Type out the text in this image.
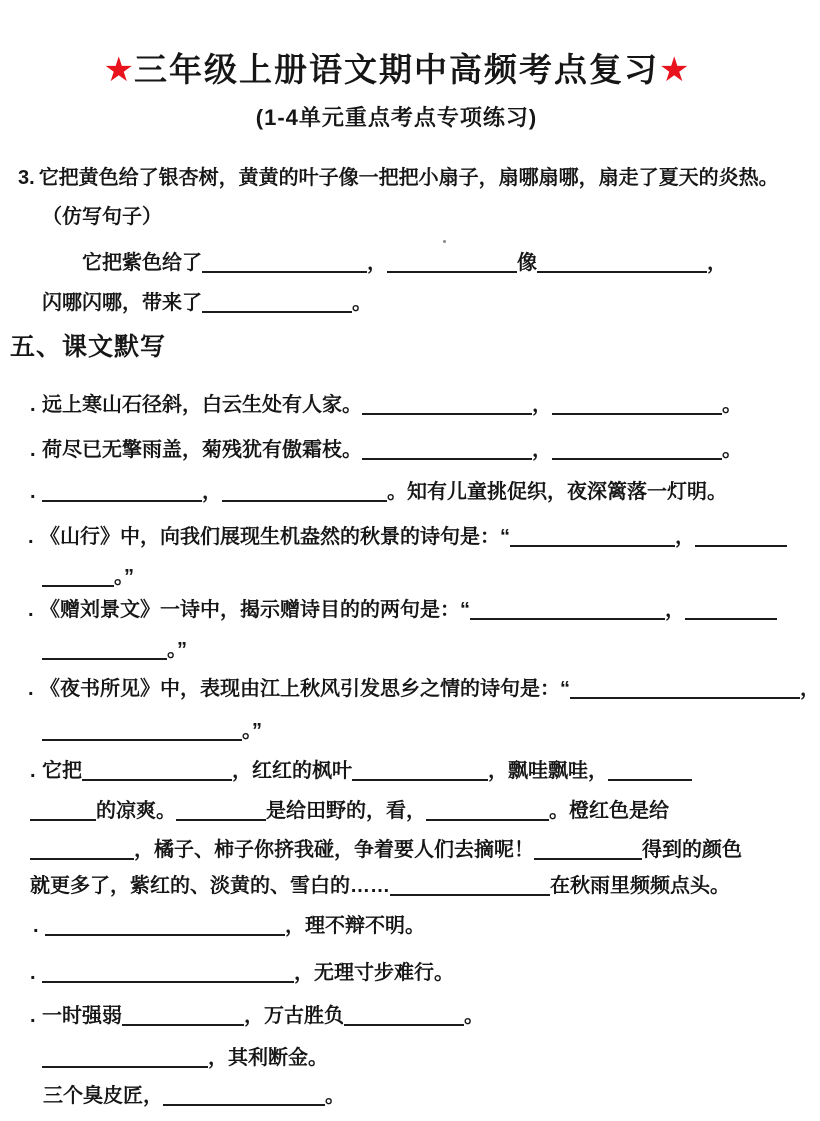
★三年级上册语文期中高频考点复习★
(1-4单元重点考点专项练习)
3. 它把黄色给了银杏树，黄黄的叶子像一把把小扇子，扇哪扇哪，扇走了夏天的炎热。
（仿写句子）
它把紫色给了	，	像	，
闪哪闪哪，带来了	。
五、课文默写
. 远上寒山石径斜，白云生处有人家。	，	。
. 荷尽已无擎雨盖，菊残犹有傲霜枝。	，	。
.	，	。知有儿童挑促织，夜深篱落一灯明。
. 《山行》中，向我们展现生机盎然的秋景的诗句是：“	，
。”
. 《赠刘景文》一诗中，揭示赠诗目的的两句是：“	，
。”
. 《夜书所见》中，表现由江上秋风引发思乡之情的诗句是：“	，
。”
. 它把	，红红的枫叶	，飘哇飘哇，
的凉爽。	是给田野的，看，	。橙红色是给
，橘子、柿子你挤我碰，争着要人们去摘呢！	得到的颜色
就更多了，紫红的、淡黄的、雪白的……	在秋雨里频频点头。
.	，理不辩不明。
.	，无理寸步难行。
. 一时强弱	，万古胜负	。
，其利断金。
三个臭皮匠，	。
